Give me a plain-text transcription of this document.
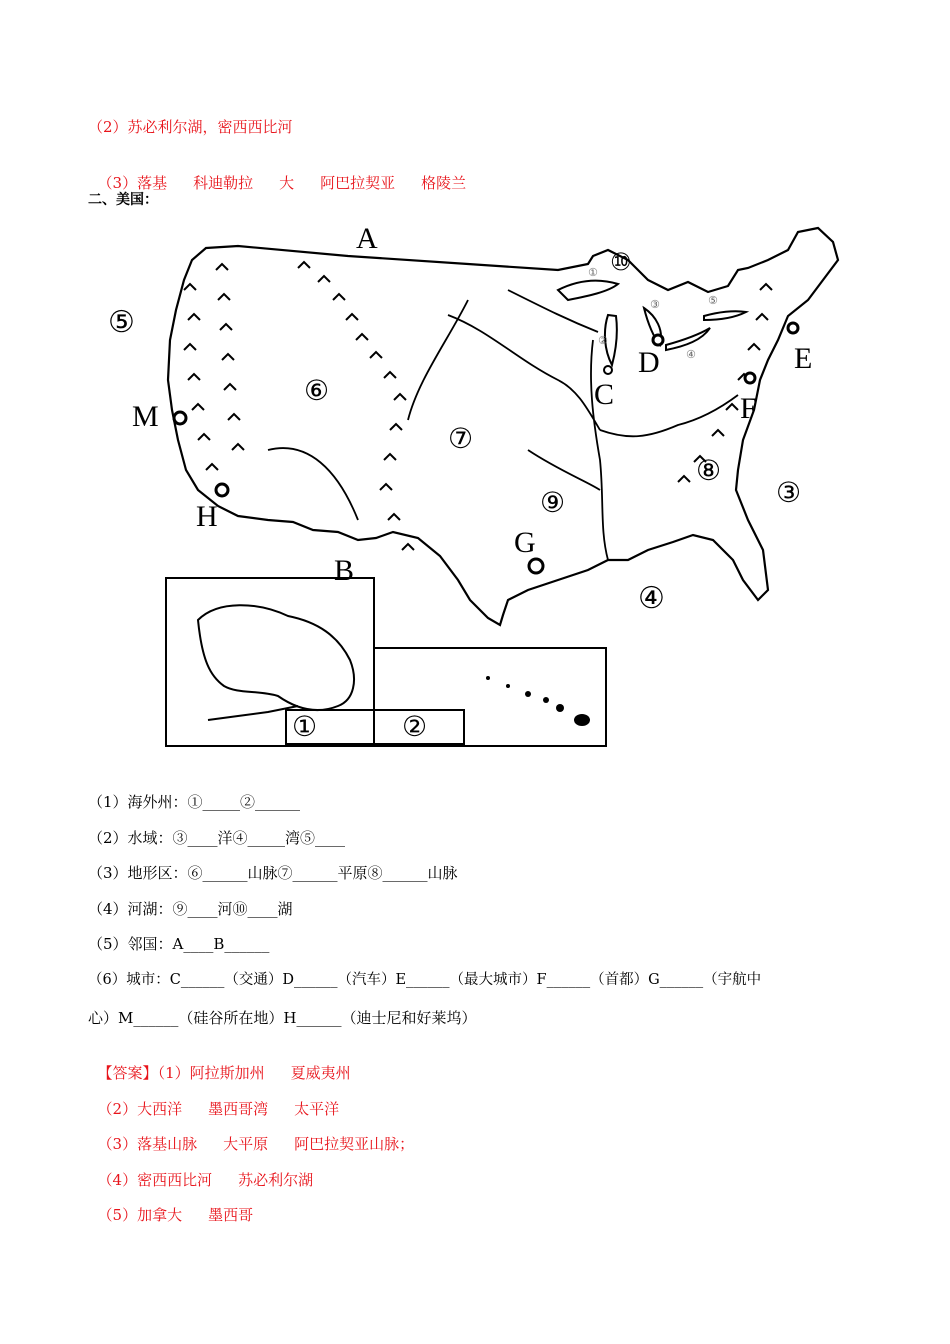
（2）苏必利尔湖，密西西比河

（3）落基 科迪勒拉 大 阿巴拉契亚 格陵兰

二、美国：
A
B
C
D	E
F
G
H
M
⑤
⑥
⑦
⑧
⑨
⑩
③
④
①
②
③
④
⑤
①	②
（1）海外州：①_____②______
（2）水域：③____洋④_____湾⑤____
（3）地形区：⑥______山脉⑦______平原⑧______山脉
（4）河湖：⑨____河⑩____湖
（5）邻国：A____B______
（6）城市：C______（交通）D______（汽车）E______（最大城市）F______（首都）G______（宇航中
心）M______（硅谷所在地）H______（迪士尼和好莱坞）

【答案】（1）阿拉斯加州 夏威夷州

（2）大西洋 墨西哥湾 太平洋

（3）落基山脉 大平原 阿巴拉契亚山脉；

（4）密西西比河 苏必利尔湖

（5）加拿大 墨西哥
